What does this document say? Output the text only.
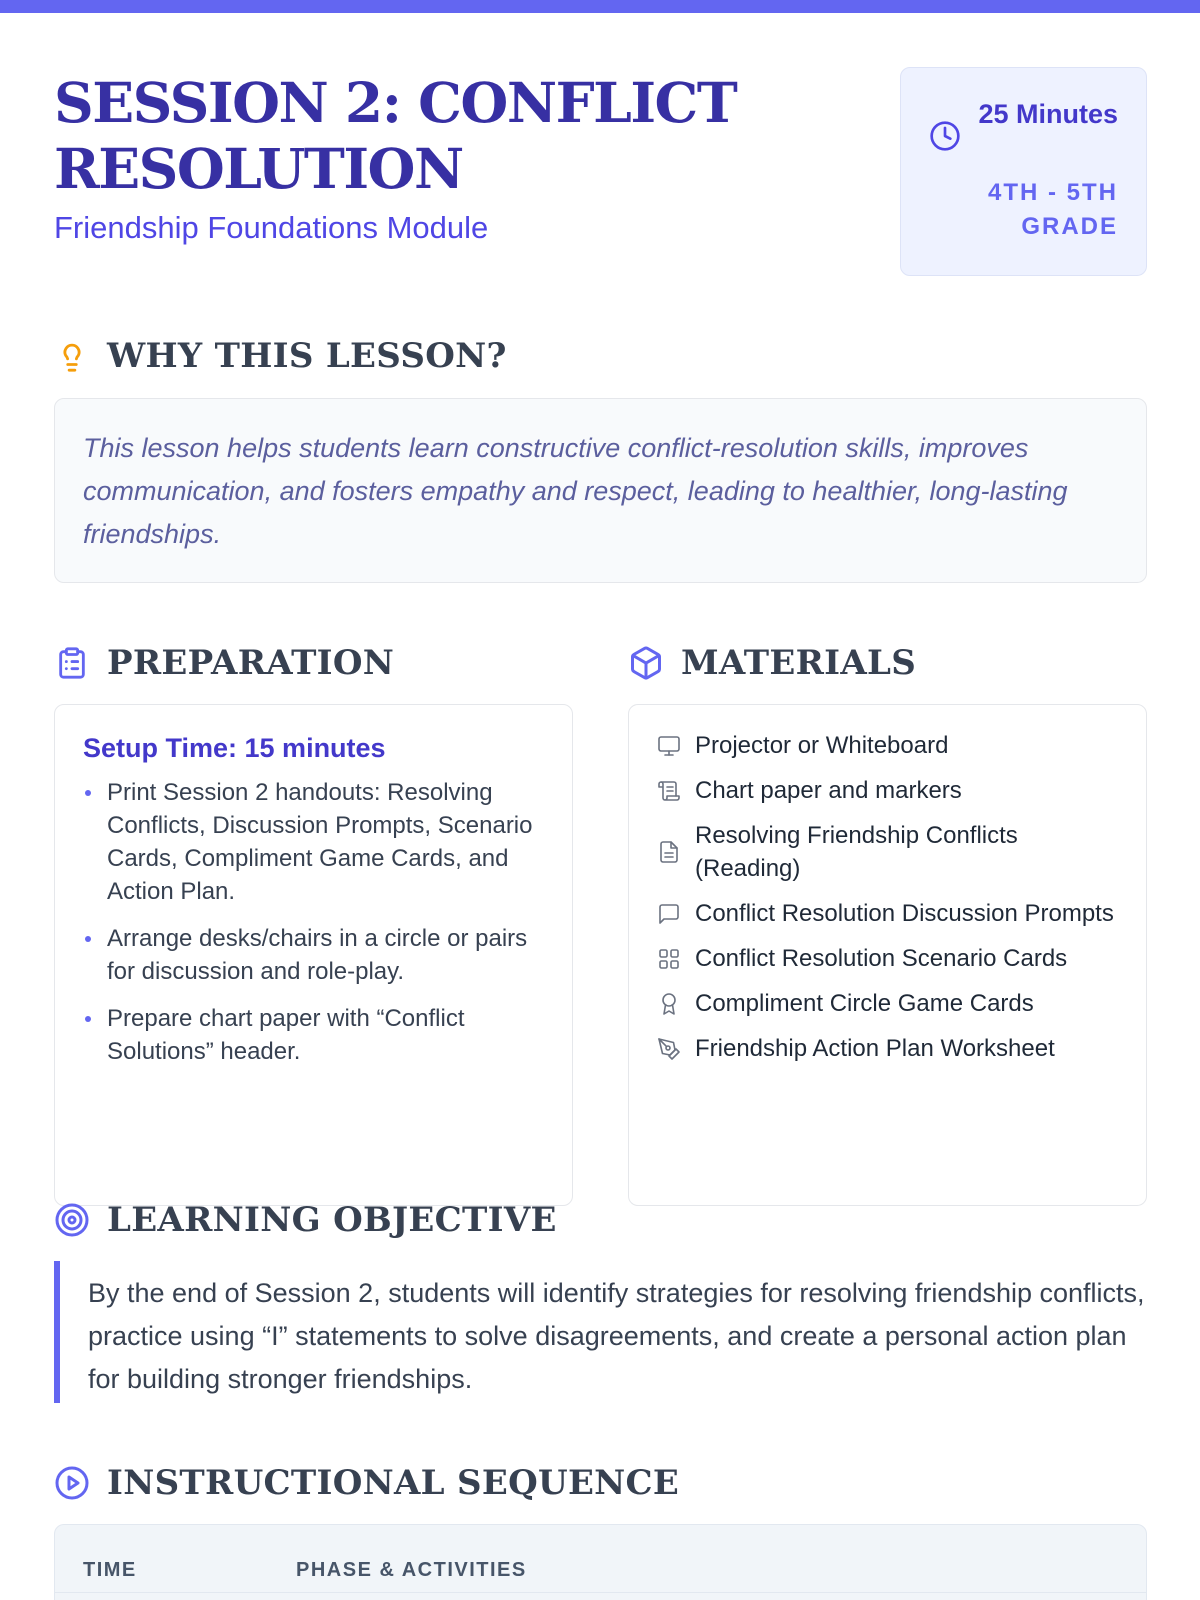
SESSION 2: CONFLICT RESOLUTION
Friendship Foundations Module
25 Minutes
4TH - 5TH GRADE
WHY THIS LESSON?

This lesson helps students learn constructive conflict-resolution skills, improves communication, and fosters empathy and respect, leading to healthier, long-lasting friendships.

PREPARATION
Setup Time: 15 minutes
Print Session 2 handouts: Resolving Conflicts, Discussion Prompts, Scenario Cards, Compliment Game Cards, and Action Plan.
Arrange desks/chairs in a circle or pairs for discussion and role-play.
Prepare chart paper with “Conflict Solutions” header.
MATERIALS
Projector or Whiteboard
Chart paper and markers
Resolving Friendship Conflicts (Reading)
Conflict Resolution Discussion Prompts
Conflict Resolution Scenario Cards
Compliment Circle Game Cards
Friendship Action Plan Worksheet
LEARNING OBJECTIVE

By the end of Session 2, students will identify strategies for resolving friendship conflicts, practice using “I” statements to solve disagreements, and create a personal action plan for building stronger friendships.

INSTRUCTIONAL SEQUENCE
TIME	PHASE & ACTIVITIES
